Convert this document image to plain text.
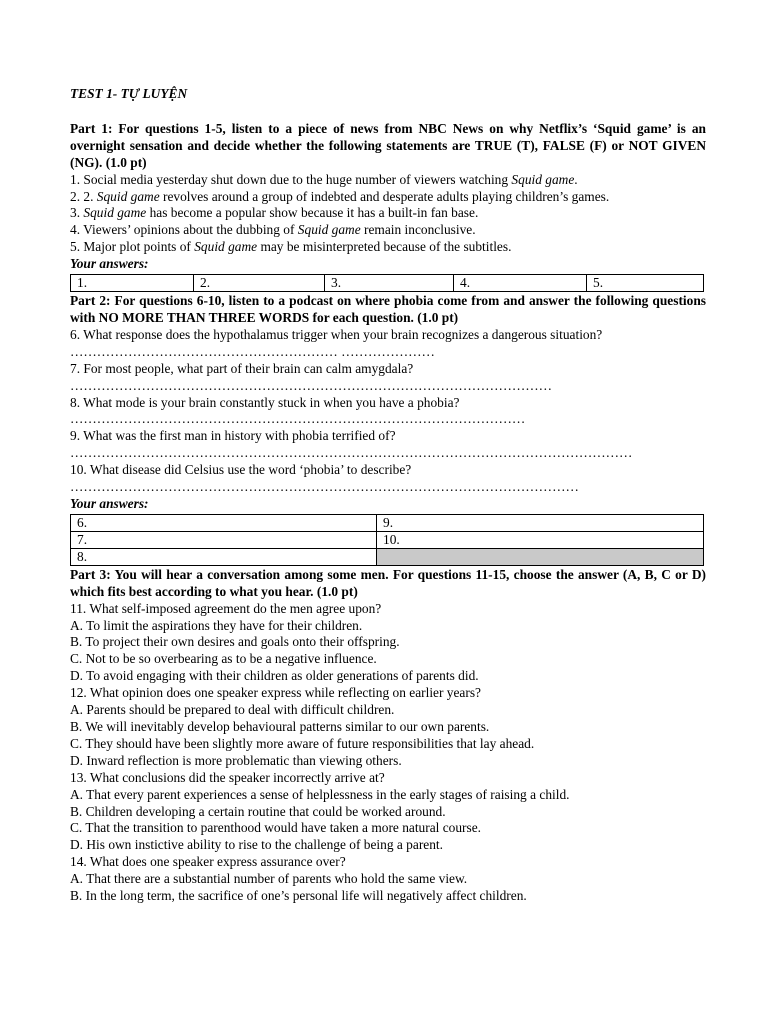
TEST 1- TỰ LUYỆN
Part 1: For questions 1-5, listen to a piece of news from NBC News on why Netflix’s ‘Squid game’ is an overnight sensation and decide whether the following statements are TRUE (T), FALSE (F) or NOT GIVEN (NG). (1.0 pt)
1. Social media yesterday shut down due to the huge number of viewers watching Squid game.
2. 2. Squid game revolves around a group of indebted and desperate adults playing children’s games.
3. Squid game has become a popular show because it has a built-in fan base.
4. Viewers’ opinions about the dubbing of Squid game remain inconclusive.
5. Major plot points of Squid game may be misinterpreted because of the subtitles.
Your answers:
1.	2.	3.	4.	5.
Part 2: For questions 6-10, listen to a podcast on where phobia come from and answer the following questions with NO MORE THAN THREE WORDS for each question. (1.0 pt)
6. What response does the hypothalamus trigger when your brain recognizes a dangerous situation?
…………………………………………………… …………………
7. For most people, what part of their brain can calm amygdala?
………………………………………………………………………………………………
8. What mode is your brain constantly stuck in when you have a phobia?
…………………………………………………………………………………………
9. What was the first man in history with phobia terrified of?
………………………………………………………………………………………………………………
10. What disease did Celsius use the word ‘phobia’ to describe?
……………………………………………………………………………………………………
Your answers:
6.	9.
7.	10.
8.	
Part 3: You will hear a conversation among some men. For questions 11-15, choose the answer (A, B, C or D) which fits best according to what you hear. (1.0 pt)
11. What self-imposed agreement do the men agree upon?
A. To limit the aspirations they have for their children.
B. To project their own desires and goals onto their offspring.
C. Not to be so overbearing as to be a negative influence.
D. To avoid engaging with their children as older generations of parents did.
12. What opinion does one speaker express while reflecting on earlier years?
A. Parents should be prepared to deal with difficult children.
B. We will inevitably develop behavioural patterns similar to our own parents.
C. They should have been slightly more aware of future responsibilities that lay ahead.
D. Inward reflection is more problematic than viewing others.
13. What conclusions did the speaker incorrectly arrive at?
A. That every parent experiences a sense of helplessness in the early stages of raising a child.
B. Children developing a certain routine that could be worked around.
C. That the transition to parenthood would have taken a more natural course.
D. His own instictive ability to rise to the challenge of being a parent.
14. What does one speaker express assurance over?
A. That there are a substantial number of parents who hold the same view.
B. In the long term, the sacrifice of one’s personal life will negatively affect children.
